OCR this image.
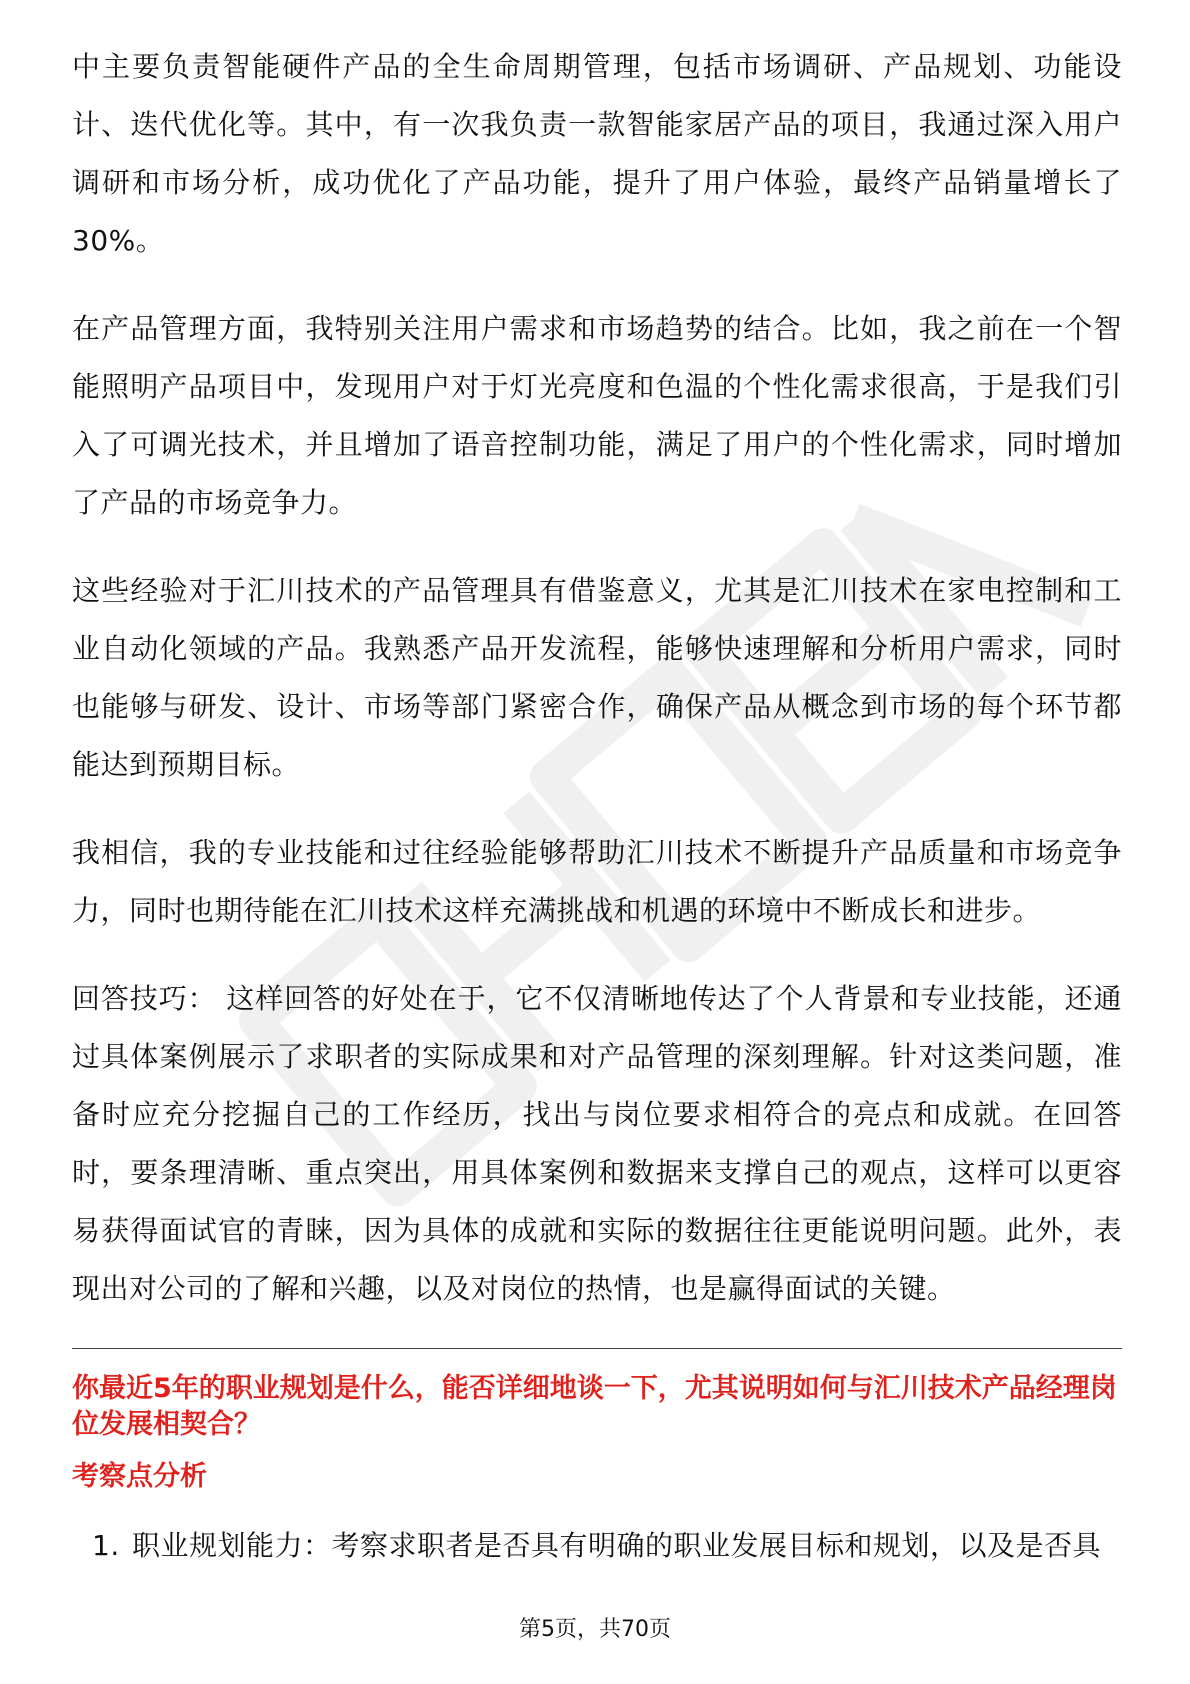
中主要负责智能硬件产品的全生命周期管理，包括市场调研、产品规划、功能设计、迭代优化等。其中，有一次我负责一款智能家居产品的项目，我通过深入用户调研和市场分析，成功优化了产品功能，提升了用户体验，最终产品销量增长了30%。

在产品管理方面，我特别关注用户需求和市场趋势的结合。比如，我之前在一个智能照明产品项目中，发现用户对于灯光亮度和色温的个性化需求很高，于是我们引入了可调光技术，并且增加了语音控制功能，满足了用户的个性化需求，同时增加了产品的市场竞争力。

这些经验对于汇川技术的产品管理具有借鉴意义，尤其是汇川技术在家电控制和工业自动化领域的产品。我熟悉产品开发流程，能够快速理解和分析用户需求，同时也能够与研发、设计、市场等部门紧密合作，确保产品从概念到市场的每个环节都能达到预期目标。

我相信，我的专业技能和过往经验能够帮助汇川技术不断提升产品质量和市场竞争力，同时也期待能在汇川技术这样充满挑战和机遇的环境中不断成长和进步。

回答技巧： 这样回答的好处在于，它不仅清晰地传达了个人背景和专业技能，还通过具体案例展示了求职者的实际成果和对产品管理的深刻理解。针对这类问题，准备时应充分挖掘自己的工作经历，找出与岗位要求相符合的亮点和成就。在回答时，要条理清晰、重点突出，用具体案例和数据来支撑自己的观点，这样可以更容易获得面试官的青睐，因为具体的成就和实际的数据往往更能说明问题。此外，表现出对公司的了解和兴趣，以及对岗位的热情，也是赢得面试的关键。

你最近5年的职业规划是什么，能否详细地谈一下，尤其说明如何与汇川技术产品经理岗位发展相契合？
考察点分析
1. 职业规划能力：考察求职者是否具有明确的职业发展目标和规划，以及是否具
第5页，共70页
